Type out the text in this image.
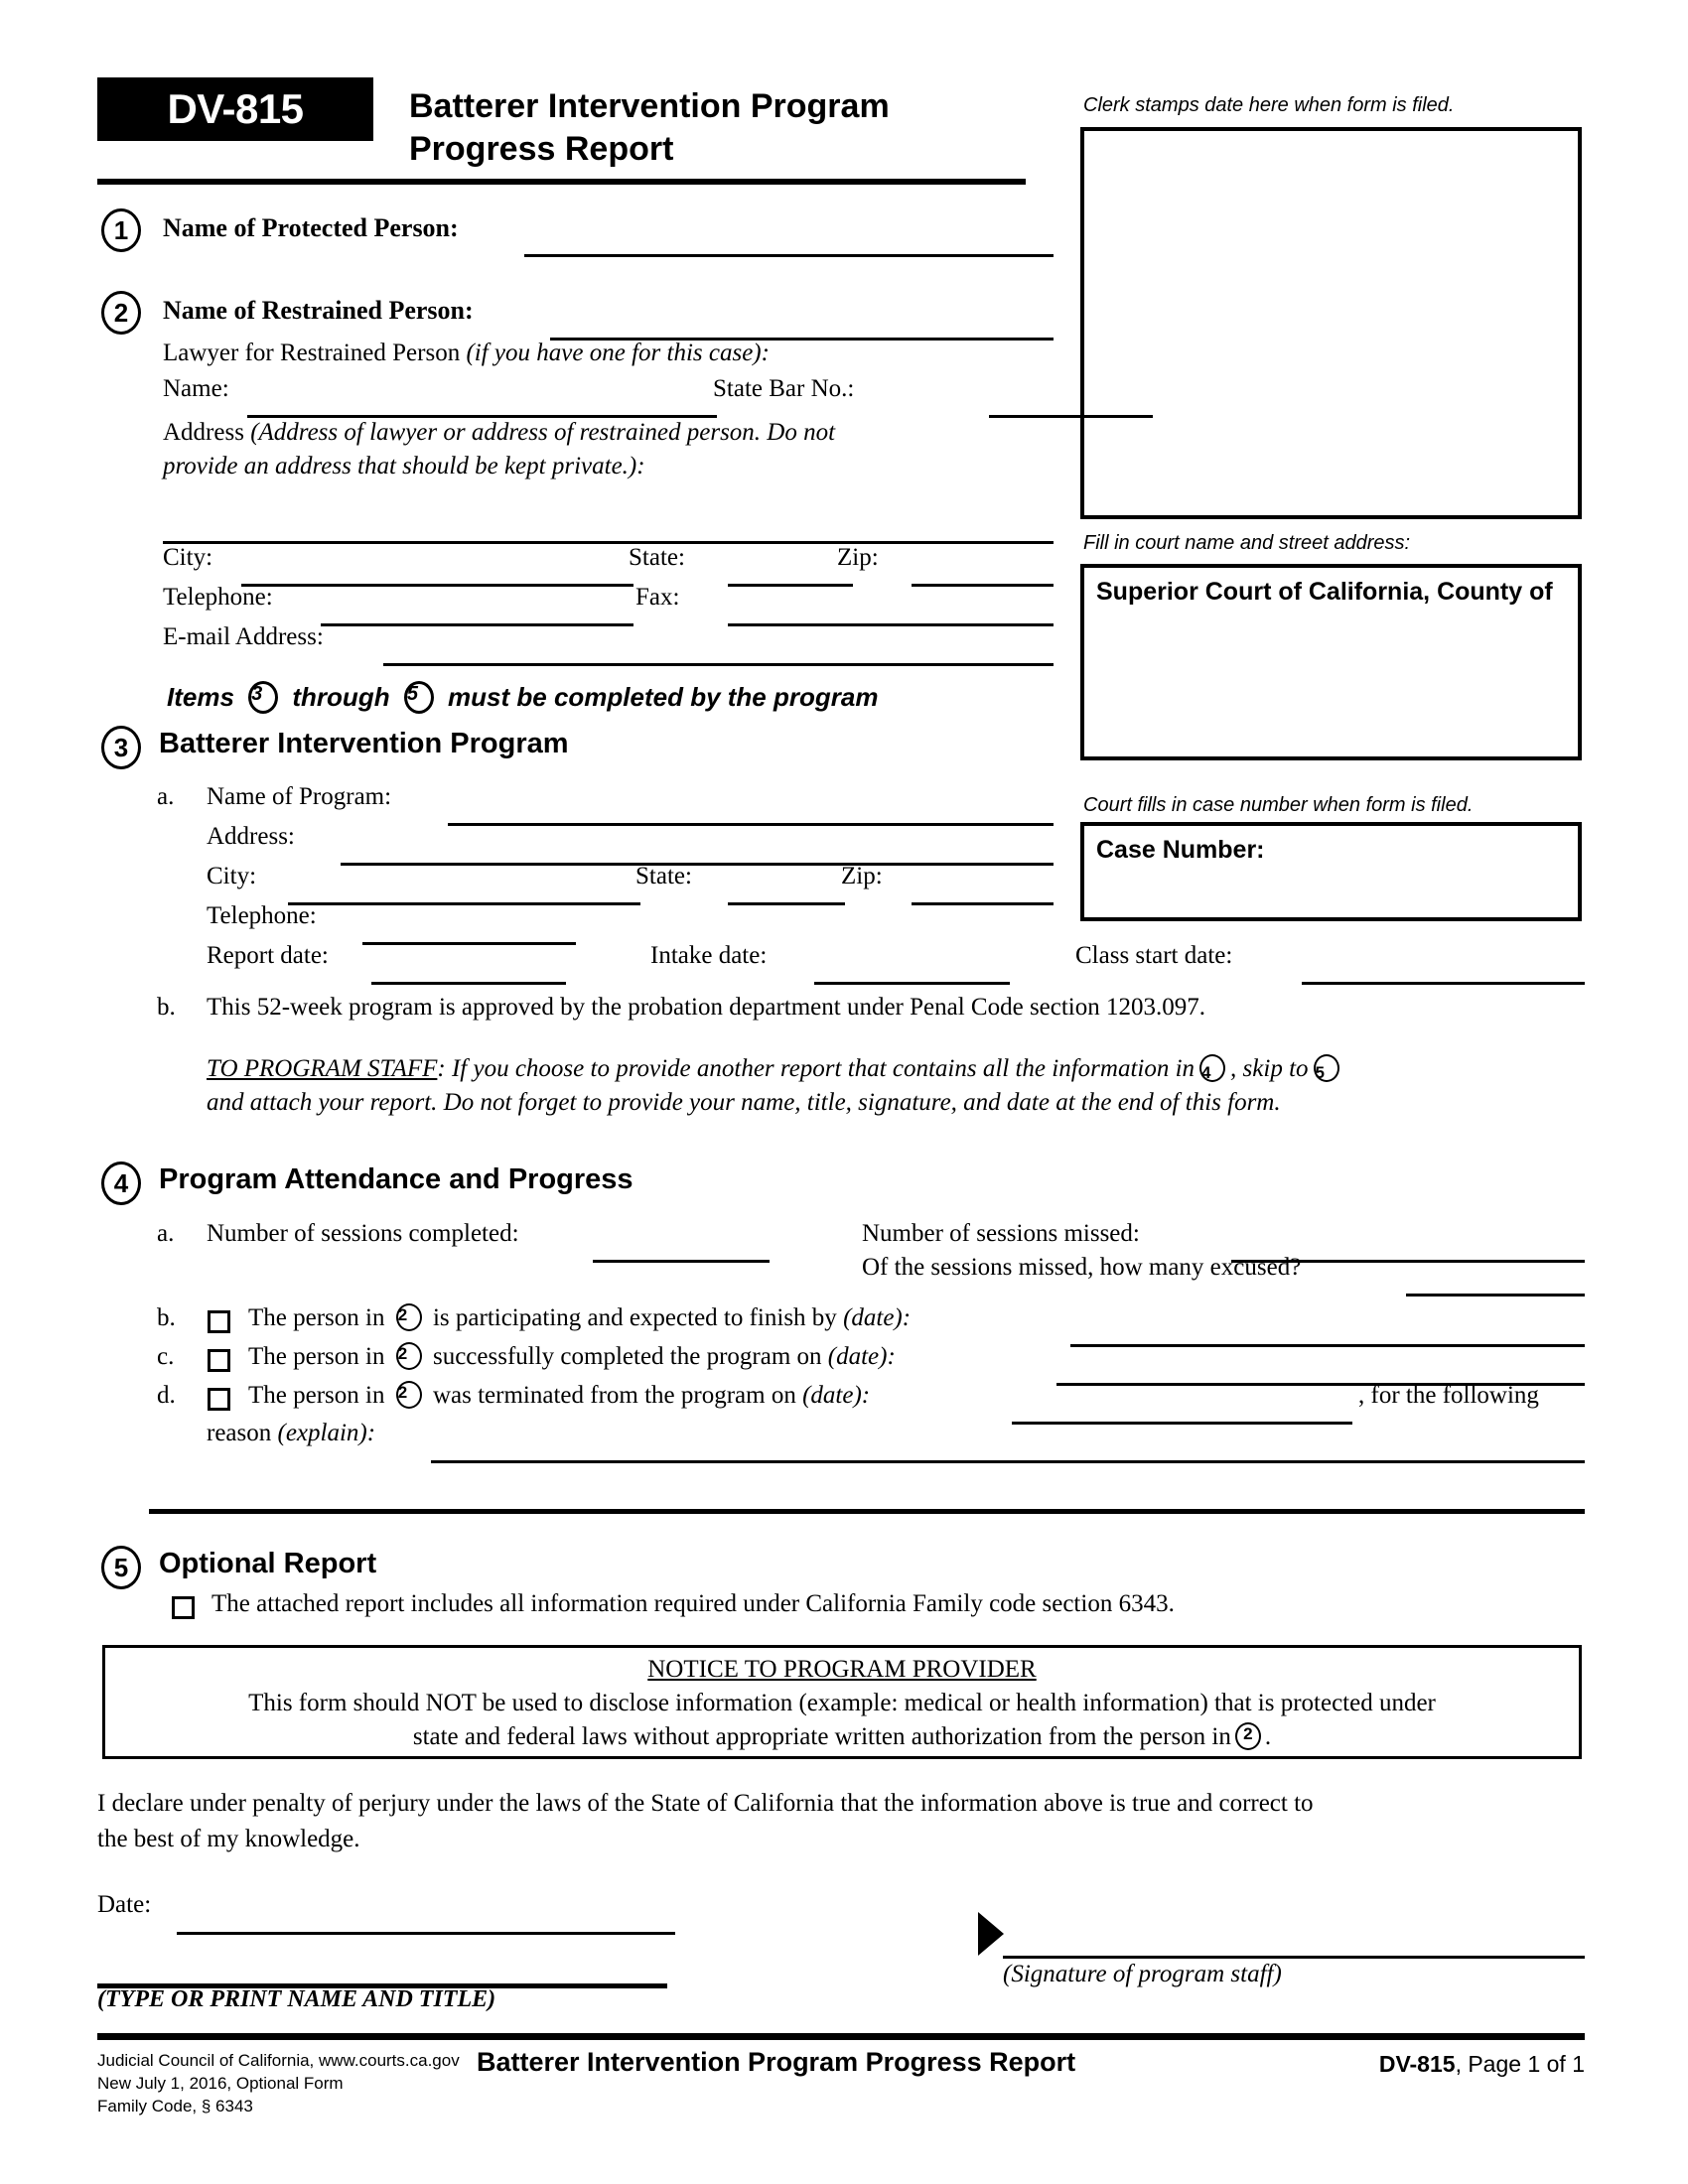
DV-815	Batterer Intervention Program
Progress Report
Clerk stamps date here when form is filed.
Fill in court name and street address:
Superior Court of California, County of
Court fills in case number when form is filed.
Case Number:
1	Name of Protected Person:
2	Name of Restrained Person:
Lawyer for Restrained Person (if you have one for this case):
Name:	State Bar No.:
Address (Address of lawyer or address of restrained person. Do not
provide an address that should be kept private.):
City:	State:	Zip:
Telephone:	Fax:
E-mail Address:
Items 3 through 5 must be completed by the program
3	Batterer Intervention Program
a. Name of Program:
Address:
City:	State:	Zip:
Telephone:
Report date:	Intake date:	Class start date:
b. This 52-week program is approved by the probation department under Penal Code section 1203.097.
TO PROGRAM STAFF: If you choose to provide another report that contains all the information in 4 , skip to 5
and attach your report. Do not forget to provide your name, title, signature, and date at the end of this form.
4	Program Attendance and Progress
a. Number of sessions completed:	Number of sessions missed:
Of the sessions missed, how many excused?
b.	The person in 2 is participating and expected to finish by (date):
c.	The person in 2 successfully completed the program on (date):
d.	The person in 2 was terminated from the program on (date):	, for the following
reason (explain):
5	Optional Report
The attached report includes all information required under California Family code section 6343.
NOTICE TO PROGRAM PROVIDER
This form should NOT be used to disclose information (example: medical or health information) that is protected under
state and federal laws without appropriate written authorization from the person in 2 .
I declare under penalty of perjury under the laws of the State of California that the information above is true and correct to
the best of my knowledge.
Date:
(TYPE OR PRINT NAME AND TITLE)
(Signature of program staff)
Judicial Council of California, www.courts.ca.gov
New July 1, 2016, Optional Form
Family Code, § 6343
Batterer Intervention Program Progress Report	DV-815, Page 1 of 1
